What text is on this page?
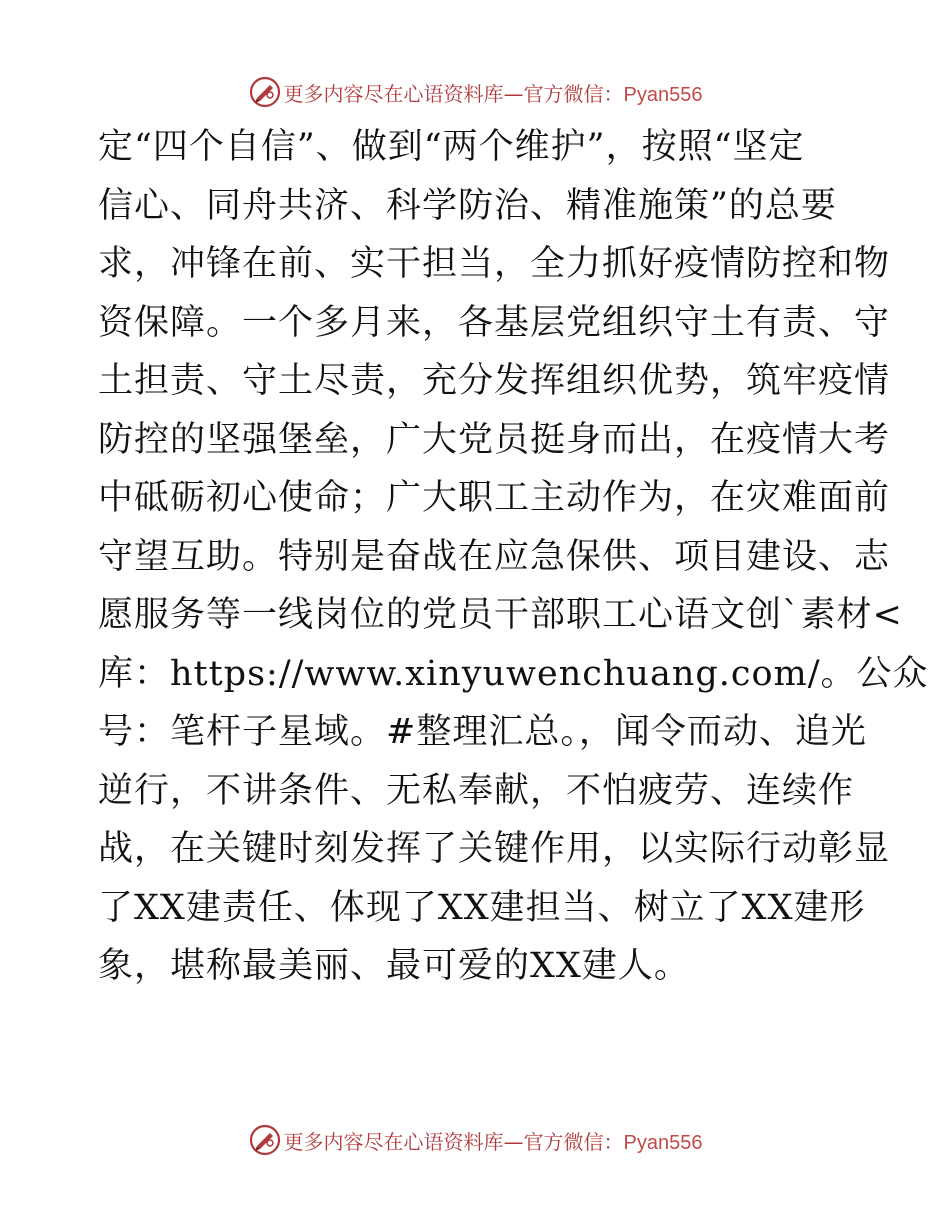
更多内容尽在心语资料库—官方微信：Pyan556
定“四个自信”、做到“两个维护”，按照“坚定
信心、同舟共济、科学防治、精准施策”的总要
求，冲锋在前、实干担当，全力抓好疫情防控和物
资保障。一个多月来，各基层党组织守土有责、守
土担责、守土尽责，充分发挥组织优势，筑牢疫情
防控的坚强堡垒，广大党员挺身而出，在疫情大考
中砥砺初心使命；广大职工主动作为，在灾难面前
守望互助。特别是奋战在应急保供、项目建设、志
愿服务等一线岗位的党员干部职工心语文创`素材<
库：https://www.xinyuwenchuang.com/。公众
号：笔杆子星域。#整理汇总。，闻令而动、追光
逆行，不讲条件、无私奉献，不怕疲劳、连续作
战，在关键时刻发挥了关键作用，以实际行动彰显
了XX建责任、体现了XX建担当、树立了XX建形
象，堪称最美丽、最可爱的XX建人。
更多内容尽在心语资料库—官方微信：Pyan556
